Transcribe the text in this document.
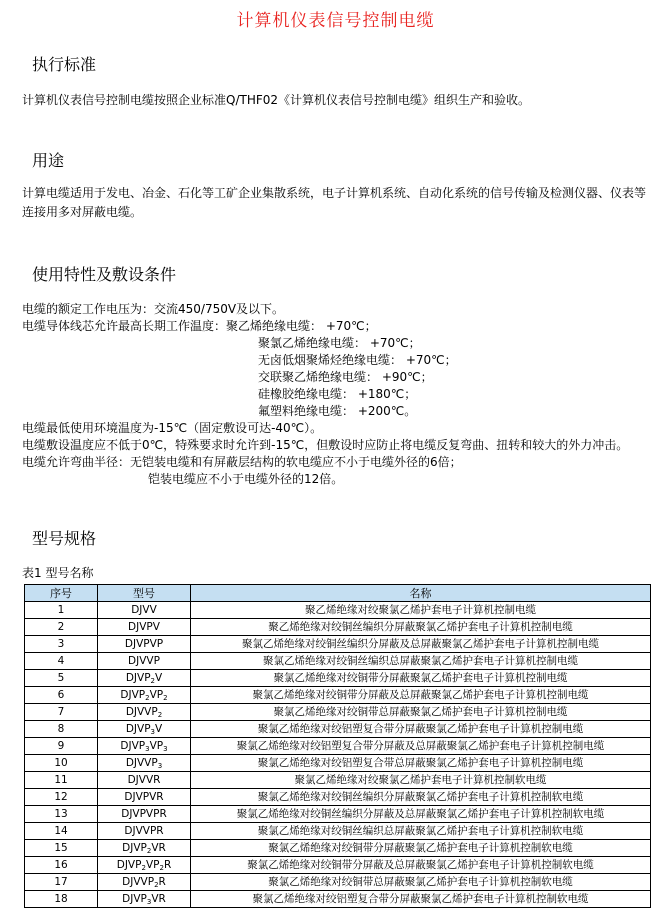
计算机仪表信号控制电缆
执行标准
计算机仪表信号控制电缆按照企业标准Q/THF02《计算机仪表信号控制电缆》组织生产和验收。
用途
计算电缆适用于发电、冶金、石化等工矿企业集散系统，电子计算机系统、自动化系统的信号传输及检测仪器、仪表等连接用多对屏蔽电缆。
使用特性及敷设条件
电缆的额定工作电压为：交流450/750V及以下。
电缆导体线芯允许最高长期工作温度：聚乙烯绝缘电缆： +70℃；
聚氯乙烯绝缘电缆： +70℃；
无卤低烟聚烯烃绝缘电缆： +70℃；
交联聚乙烯绝缘电缆： +90℃；
硅橡胶绝缘电缆： +180℃；
氟塑料绝缘电缆： +200℃。
电缆最低使用环境温度为-15℃（固定敷设可达-40℃）。
电缆敷设温度应不低于0℃，特殊要求时允许到-15℃，但敷设时应防止将电缆反复弯曲、扭转和较大的外力冲击。
电缆允许弯曲半径：无铠装电缆和有屏蔽层结构的软电缆应不小于电缆外径的6倍；
铠装电缆应不小于电缆外径的12倍。
型号规格
表1 型号名称
序号	型号	名称
1	DJVV	聚乙烯绝缘对绞聚氯乙烯护套电子计算机控制电缆
2	DJVPV	聚乙烯绝缘对绞铜丝编织分屏蔽聚氯乙烯护套电子计算机控制电缆
3	DJVPVP	聚氯乙烯绝缘对绞铜丝编织分屏蔽及总屏蔽聚氯乙烯护套电子计算机控制电缆
4	DJVVP	聚氯乙烯绝缘对绞铜丝编织总屏蔽聚氯乙烯护套电子计算机控制电缆
5	$DJVP_2V$	聚氯乙烯绝缘对绞铜带分屏蔽聚氯乙烯护套电子计算机控制电缆
6	$DJVP_2VP_2$	聚氯乙烯绝缘对绞铜带分屏蔽及总屏蔽聚氯乙烯护套电子计算机控制电缆
7	$DJVVP_2$	聚氯乙烯绝缘对绞铜带总屏蔽聚氯乙烯护套电子计算机控制电缆
8	$DJVP_3V$	聚氯乙烯绝缘对绞铝塑复合带分屏蔽聚氯乙烯护套电子计算机控制电缆
9	$DJVP_3VP_3$	聚氯乙烯绝缘对绞铝塑复合带分屏蔽及总屏蔽聚氯乙烯护套电子计算机控制电缆
10	$DJVVP_3$	聚氯乙烯绝缘对绞铝塑复合带总屏蔽聚氯乙烯护套电子计算机控制电缆
11	DJVVR	聚氯乙烯绝缘对绞聚氯乙烯护套电子计算机控制软电缆
12	DJVPVR	聚氯乙烯绝缘对绞铜丝编织分屏蔽聚氯乙烯护套电子计算机控制软电缆
13	DJVPVPR	聚氯乙烯绝缘对绞铜丝编织分屏蔽及总屏蔽聚氯乙烯护套电子计算机控制软电缆
14	DJVVPR	聚氯乙烯绝缘对绞铜丝编织总屏蔽聚氯乙烯护套电子计算机控制软电缆
15	$DJVP_2VR$	聚氯乙烯绝缘对绞铜带分屏蔽聚氯乙烯护套电子计算机控制软电缆
16	$DJVP_2VP_2R$	聚氯乙烯绝缘对绞铜带分屏蔽及总屏蔽聚氯乙烯护套电子计算机控制软电缆
17	$DJVVP_2R$	聚氯乙烯绝缘对绞铜带总屏蔽聚氯乙烯护套电子计算机控制软电缆
18	$DJVP_3VR$	聚氯乙烯绝缘对绞铝塑复合带分屏蔽聚氯乙烯护套电子计算机控制软电缆
